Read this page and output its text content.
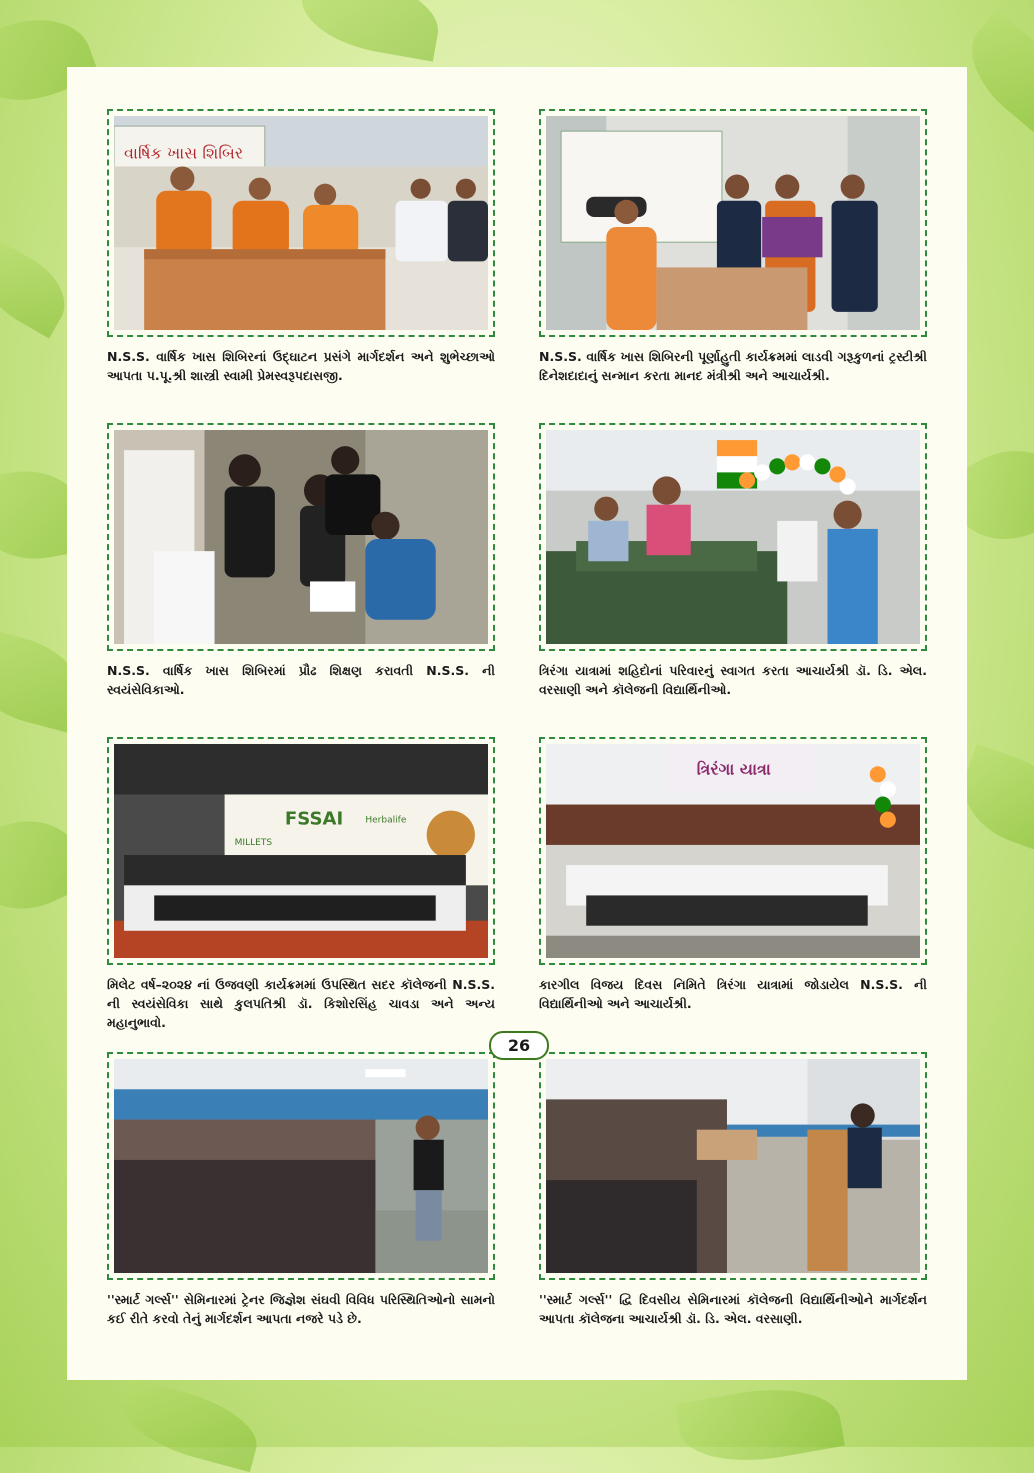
વાર્ષિક ખાસ શિબિર
N.S.S. વાર્ષિક ખાસ શિબિરનાં ઉદ્ઘાટન પ્રસંગે માર્ગદર્શન અને શુભેચ્છાઓ આપતા પ.પૂ.શ્રી શાસ્ત્રી સ્વામી પ્રેમસ્વરૂપદાસજી.
N.S.S. વાર્ષિક ખાસ શિબિરની પૂર્ણાહુતી કાર્યક્રમમાં લાડવી ગરૂકુળનાં ટ્રસ્ટીશ્રી દિનેશદાદાનું સન્માન કરતા માનદ મંત્રીશ્રી અને આચાર્યશ્રી.
N.S.S. વાર્ષિક ખાસ શિબિરમાં પ્રૌઢ શિક્ષણ કરાવતી N.S.S. ની સ્વયંસેવિકાઓ.
ત્રિરંગા યાત્રામાં શહિદોનાં પરિવારનું સ્વાગત કરતા આચાર્યશ્રી ડૉ. ડિ. એલ. વરસાણી અને કૉલેજની વિદ્યાર્થિનીઓ.
FSSAI Herbalife
MILLETS
મિલેટ વર્ષ–૨૦૨૪ નાં ઉજવણી કાર્યક્રમમાં ઉપસ્થિત સદર કૉલેજની N.S.S. ની સ્વયંસેવિકા સાથે કુલપતિશ્રી ડૉ. કિશોરસિંહ ચાવડા અને અન્ય મહાનુભાવો.
ત્રિરંગા યાત્રા
કારગીલ વિજય દિવસ નિમિતે ત્રિરંગા યાત્રામાં જોડાયેલ N.S.S. ની વિદ્યાર્થિનીઓ અને આચાર્યશ્રી.
''સ્માર્ટ ગર્લ્સ'' સેમિનારમાં ટ્રેનર જિજ્ઞેશ સંઘવી વિવિધ પરિસ્થિતિઓનો સામનો કઈ રીતે કરવો તેનું માર્ગદર્શન આપતા નજરે પડે છે.
''સ્માર્ટ ગર્લ્સ'' દ્વિ દિવસીય સેમિનારમાં કૉલેજની વિદ્યાર્થિનીઓને માર્ગદર્શન આપતા કૉલેજના આચાર્યશ્રી ડૉ. ડિ. એલ. વરસાણી.
26
